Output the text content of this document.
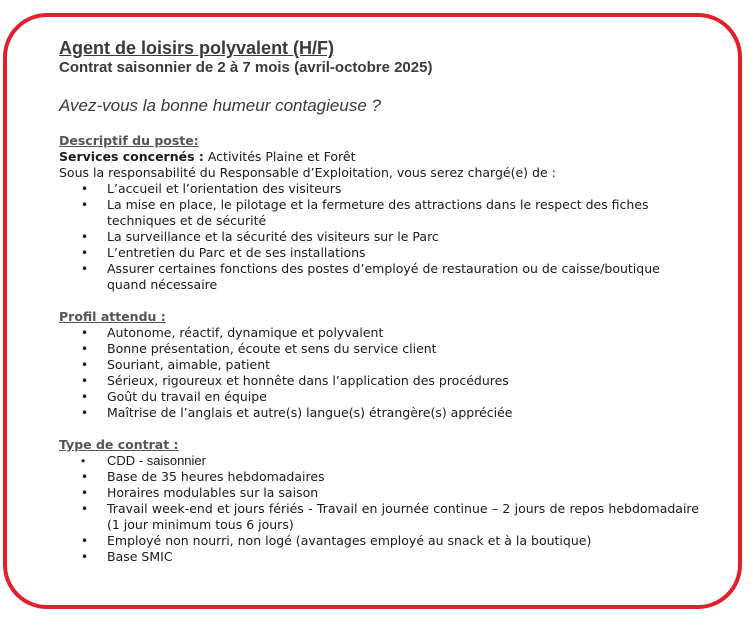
Agent de loisirs polyvalent (H/F)

Contrat saisonnier de 2 à 7 mois (avril-octobre 2025)

Avez-vous la bonne humeur contagieuse ?

Descriptif du poste:

Services concernés : Activités Plaine et Forêt

Sous la responsabilité du Responsable d’Exploitation, vous serez chargé(e) de :

• L’accueil et l’orientation des visiteurs
• La mise en place, le pilotage et la fermeture des attractions dans le respect des fiches techniques et de sécurité
• La surveillance et la sécurité des visiteurs sur le Parc
• L’entretien du Parc et de ses installations
• Assurer certaines fonctions des postes d’employé de restauration ou de caisse/boutique quand nécessaire

Profil attendu :

• Autonome, réactif, dynamique et polyvalent
• Bonne présentation, écoute et sens du service client
• Souriant, aimable, patient
• Sérieux, rigoureux et honnête dans l’application des procédures
• Goût du travail en équipe
• Maîtrise de l’anglais et autre(s) langue(s) étrangère(s) appréciée

Type de contrat :

• CDD - saisonnier
• Base de 35 heures hebdomadaires
• Horaires modulables sur la saison
• Travail week-end et jours fériés - Travail en journée continue – 2 jours de repos hebdomadaire (1 jour minimum tous 6 jours)
• Employé non nourri, non logé (avantages employé au snack et à la boutique)
• Base SMIC
